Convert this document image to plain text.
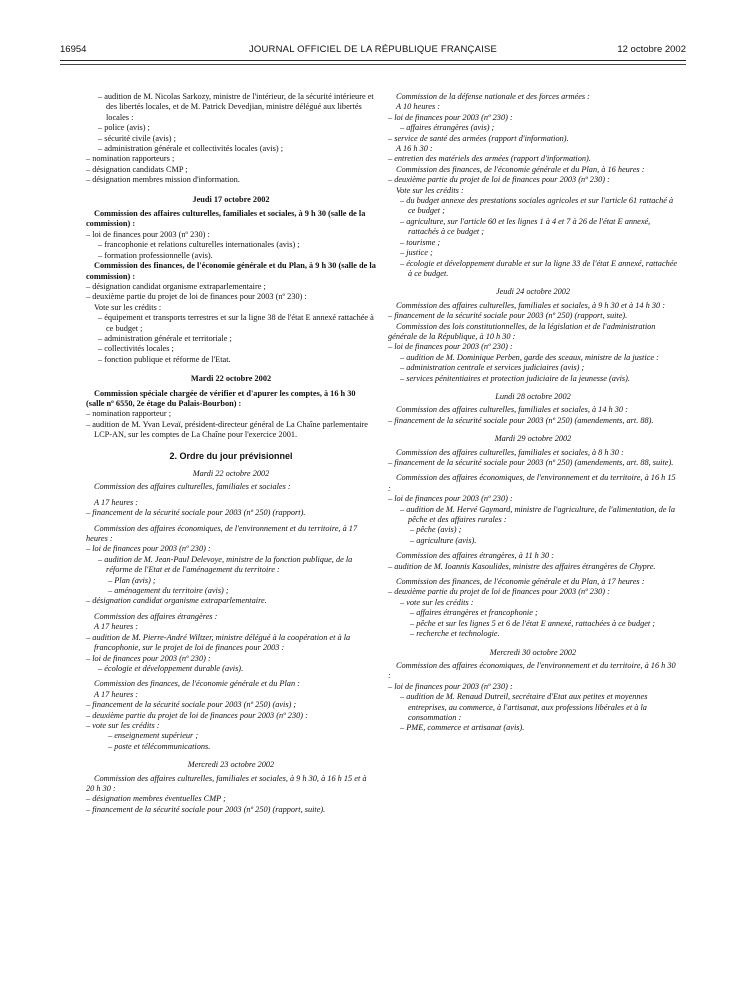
16954	JOURNAL OFFICIEL DE LA RÉPUBLIQUE FRANÇAISE	12 octobre 2002

– audition de M. Nicolas Sarkozy, ministre de l'intérieur, de la sécurité intérieure et des libertés locales, et de M. Patrick Devedjian, ministre délégué aux libertés locales :

– police (avis) ;

– sécurité civile (avis) ;

– administration générale et collectivités locales (avis) ;

– nomination rapporteurs ;

– désignation candidats CMP ;

– désignation membres mission d'information.

Jeudi 17 octobre 2002

Commission des affaires culturelles, familiales et sociales, à 9 h 30 (salle de la commission) :

– loi de finances pour 2003 (nº 230) :

– francophonie et relations culturelles internationales (avis) ;

– formation professionnelle (avis).

Commission des finances, de l'économie générale et du Plan, à 9 h 30 (salle de la commission) :

– désignation candidat organisme extraparlementaire ;

– deuxième partie du projet de loi de finances pour 2003 (nº 230) :

Vote sur les crédits :

– équipement et transports terrestres et sur la ligne 38 de l'état E annexé rattachée à ce budget ;

– administration générale et territoriale ;

– collectivités locales ;

– fonction publique et réforme de l'Etat.

Mardi 22 octobre 2002

Commission spéciale chargée de vérifier et d'apurer les comptes, à 16 h 30 (salle nº 6550, 2e étage du Palais-Bourbon) :

– nomination rapporteur ;

– audition de M. Yvan Levaï, président-directeur général de La Chaîne parlementaire LCP-AN, sur les comptes de La Chaîne pour l'exercice 2001.

2. Ordre du jour prévisionnel

Mardi 22 octobre 2002

Commission des affaires culturelles, familiales et sociales :

A 17 heures :

– financement de la sécurité sociale pour 2003 (nº 250) (rapport).

Commission des affaires économiques, de l'environnement et du territoire, à 17 heures :

– loi de finances pour 2003 (nº 230) :

– audition de M. Jean-Paul Delevoye, ministre de la fonction publique, de la réforme de l'Etat et de l'aménagement du territoire :

– Plan (avis) ;

– aménagement du territoire (avis) ;

– désignation candidat organisme extraparlementaire.

Commission des affaires étrangères :

A 17 heures :

– audition de M. Pierre-André Wiltzer, ministre délégué à la coopération et à la francophonie, sur le projet de loi de finances pour 2003 :

– loi de finances pour 2003 (nº 230) :

– écologie et développement durable (avis).

Commission des finances, de l'économie générale et du Plan :

A 17 heures :

– financement de la sécurité sociale pour 2003 (nº 250) (avis) ;

– deuxième partie du projet de loi de finances pour 2003 (nº 230) :

– vote sur les crédits :

– enseignement supérieur ;

– poste et télécommunications.

Mercredi 23 octobre 2002

Commission des affaires culturelles, familiales et sociales, à 9 h 30, à 16 h 15 et à 20 h 30 :

– désignation membres éventuelles CMP ;

– financement de la sécurité sociale pour 2003 (nº 250) (rapport, suite).

Commission de la défense nationale et des forces armées :

A 10 heures :

– loi de finances pour 2003 (nº 230) :

– affaires étrangères (avis) ;

– service de santé des armées (rapport d'information).

A 16 h 30 :

– entretien des matériels des armées (rapport d'information).

Commission des finances, de l'économie générale et du Plan, à 16 heures :

– deuxième partie du projet de loi de finances pour 2003 (nº 230) :

Vote sur les crédits :

– du budget annexe des prestations sociales agricoles et sur l'article 61 rattaché à ce budget ;

– agriculture, sur l'article 60 et les lignes 1 à 4 et 7 à 26 de l'état E annexé, rattachés à ce budget ;

– tourisme ;

– justice ;

– écologie et développement durable et sur la ligne 33 de l'état E annexé, rattachée à ce budget.

Jeudi 24 octobre 2002

Commission des affaires culturelles, familiales et sociales, à 9 h 30 et à 14 h 30 :

– financement de la sécurité sociale pour 2003 (nº 250) (rapport, suite).

Commission des lois constitutionnelles, de la législation et de l'administration générale de la République, à 10 h 30 :

– loi de finances pour 2003 (nº 230) :

– audition de M. Dominique Perben, garde des sceaux, ministre de la justice :

– administration centrale et services judiciaires (avis) ;

– services pénitentiaires et protection judiciaire de la jeunesse (avis).

Lundi 28 octobre 2002

Commission des affaires culturelles, familiales et sociales, à 14 h 30 :

– financement de la sécurité sociale pour 2003 (nº 250) (amendements, art. 88).

Mardi 29 octobre 2002

Commission des affaires culturelles, familiales et sociales, à 8 h 30 :

– financement de la sécurité sociale pour 2003 (nº 250) (amendements, art. 88, suite).

Commission des affaires économiques, de l'environnement et du territoire, à 16 h 15 :

– loi de finances pour 2003 (nº 230) :

– audition de M. Hervé Gaymard, ministre de l'agriculture, de l'alimentation, de la pêche et des affaires rurales :

– pêche (avis) ;

– agriculture (avis).

Commission des affaires étrangères, à 11 h 30 :

– audition de M. Ioannis Kasoulides, ministre des affaires étrangères de Chypre.

Commission des finances, de l'économie générale et du Plan, à 17 heures :

– deuxième partie du projet de loi de finances pour 2003 (nº 230) :

– vote sur les crédits :

– affaires étrangères et francophonie ;

– pêche et sur les lignes 5 et 6 de l'état E annexé, rattachées à ce budget ;

– recherche et technologie.

Mercredi 30 octobre 2002

Commission des affaires économiques, de l'environnement et du territoire, à 16 h 30 :

– loi de finances pour 2003 (nº 230) :

– audition de M. Renaud Dutreil, secrétaire d'Etat aux petites et moyennes entreprises, au commerce, à l'artisanat, aux professions libérales et à la consommation :

– PME, commerce et artisanat (avis).
